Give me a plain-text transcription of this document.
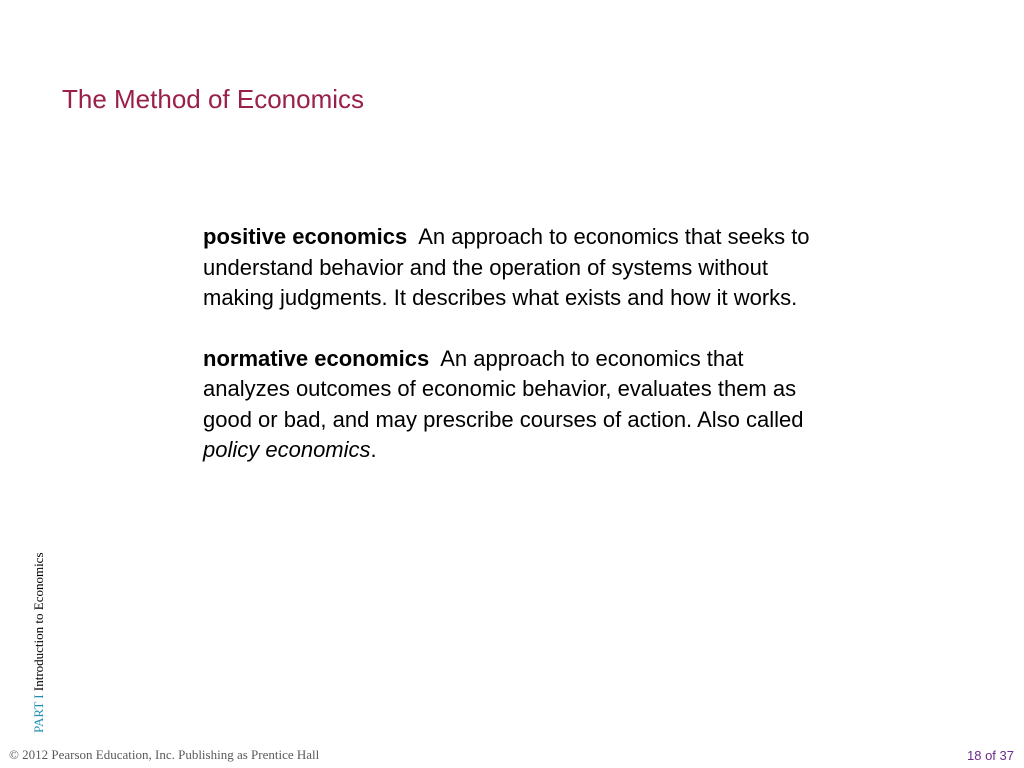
The Method of Economics

positive economics An approach to economics that seeks to understand behavior and the operation of systems without making judgments. It describes what exists and how it works.

normative economics An approach to economics that analyzes outcomes of economic behavior, evaluates them as good or bad, and may prescribe courses of action. Also called policy economics.

PART I Introduction to Economics
© 2012 Pearson Education, Inc. Publishing as Prentice Hall	18 of 37
